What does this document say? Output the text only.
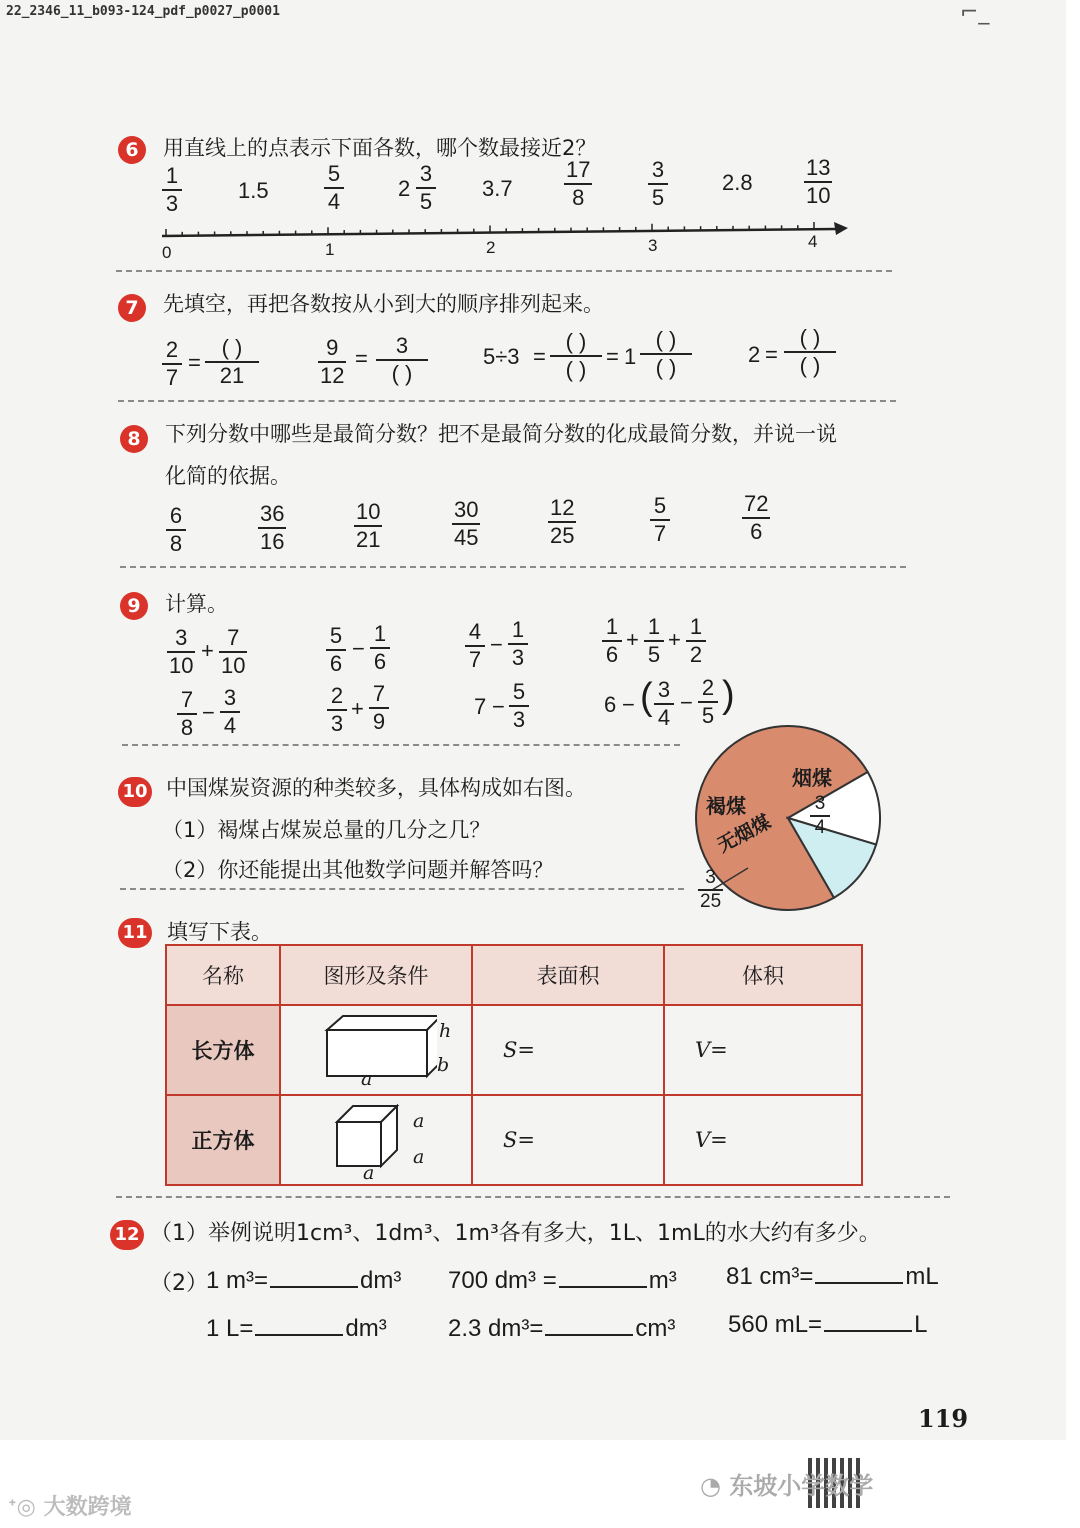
22_2346_11_b093-124_pdf_p0027_p0001	⌐_
6	用直线上的点表示下面各数，哪个数最接近2？
1
3
1.5
5
4
2
3
5
3.7
17
8
3
5
2.8
13
10
0	1	2	3	4
7	先填空，再把各数按从小到大的顺序排列起来。
2
7
=
( )
21
9
12
=
3
( )
5÷3 =
( )
( )
= 1
( )
( )
2 =
( )
( )
8	下列分数中哪些是最简分数？把不是最简分数的化成最简分数，并说一说
化简的依据。
6
8
36
16
10
21
30
45
12
25
5
7
72
6
9	计算。
3
10
+
7
10
5
6
−
1
6
4
7
−
1
3
1
6
+
1
5
+
1
2
7
8
−
3
4
2
3
+
7
9
7 −
5
3
6 − ( 3
4
−
2
5 )
10 中国煤炭资源的种类较多，具体构成如右图。
（1）褐煤占煤炭总量的几分之几？
（2）你还能提出其他数学问题并解答吗？
烟煤
3
4
褐煤
无烟煤
3
25
11 填写下表。
名称	图形及条件	表面积	体积
长方体	h
b
a	S=	V=
正方体	a
a
a	S=	V=
12 （1）举例说明1cm³、1dm³、1m³各有多大，1L、1mL的水大约有多少。
（2）
1 m³=	dm³ 700 dm³ =	m³ 81 cm³=	mL
1 L=	dm³	2.3 dm³=	cm³ 560 mL=	L
119
ᐩ◎ 大数跨境
◔ 东坡小学数学
